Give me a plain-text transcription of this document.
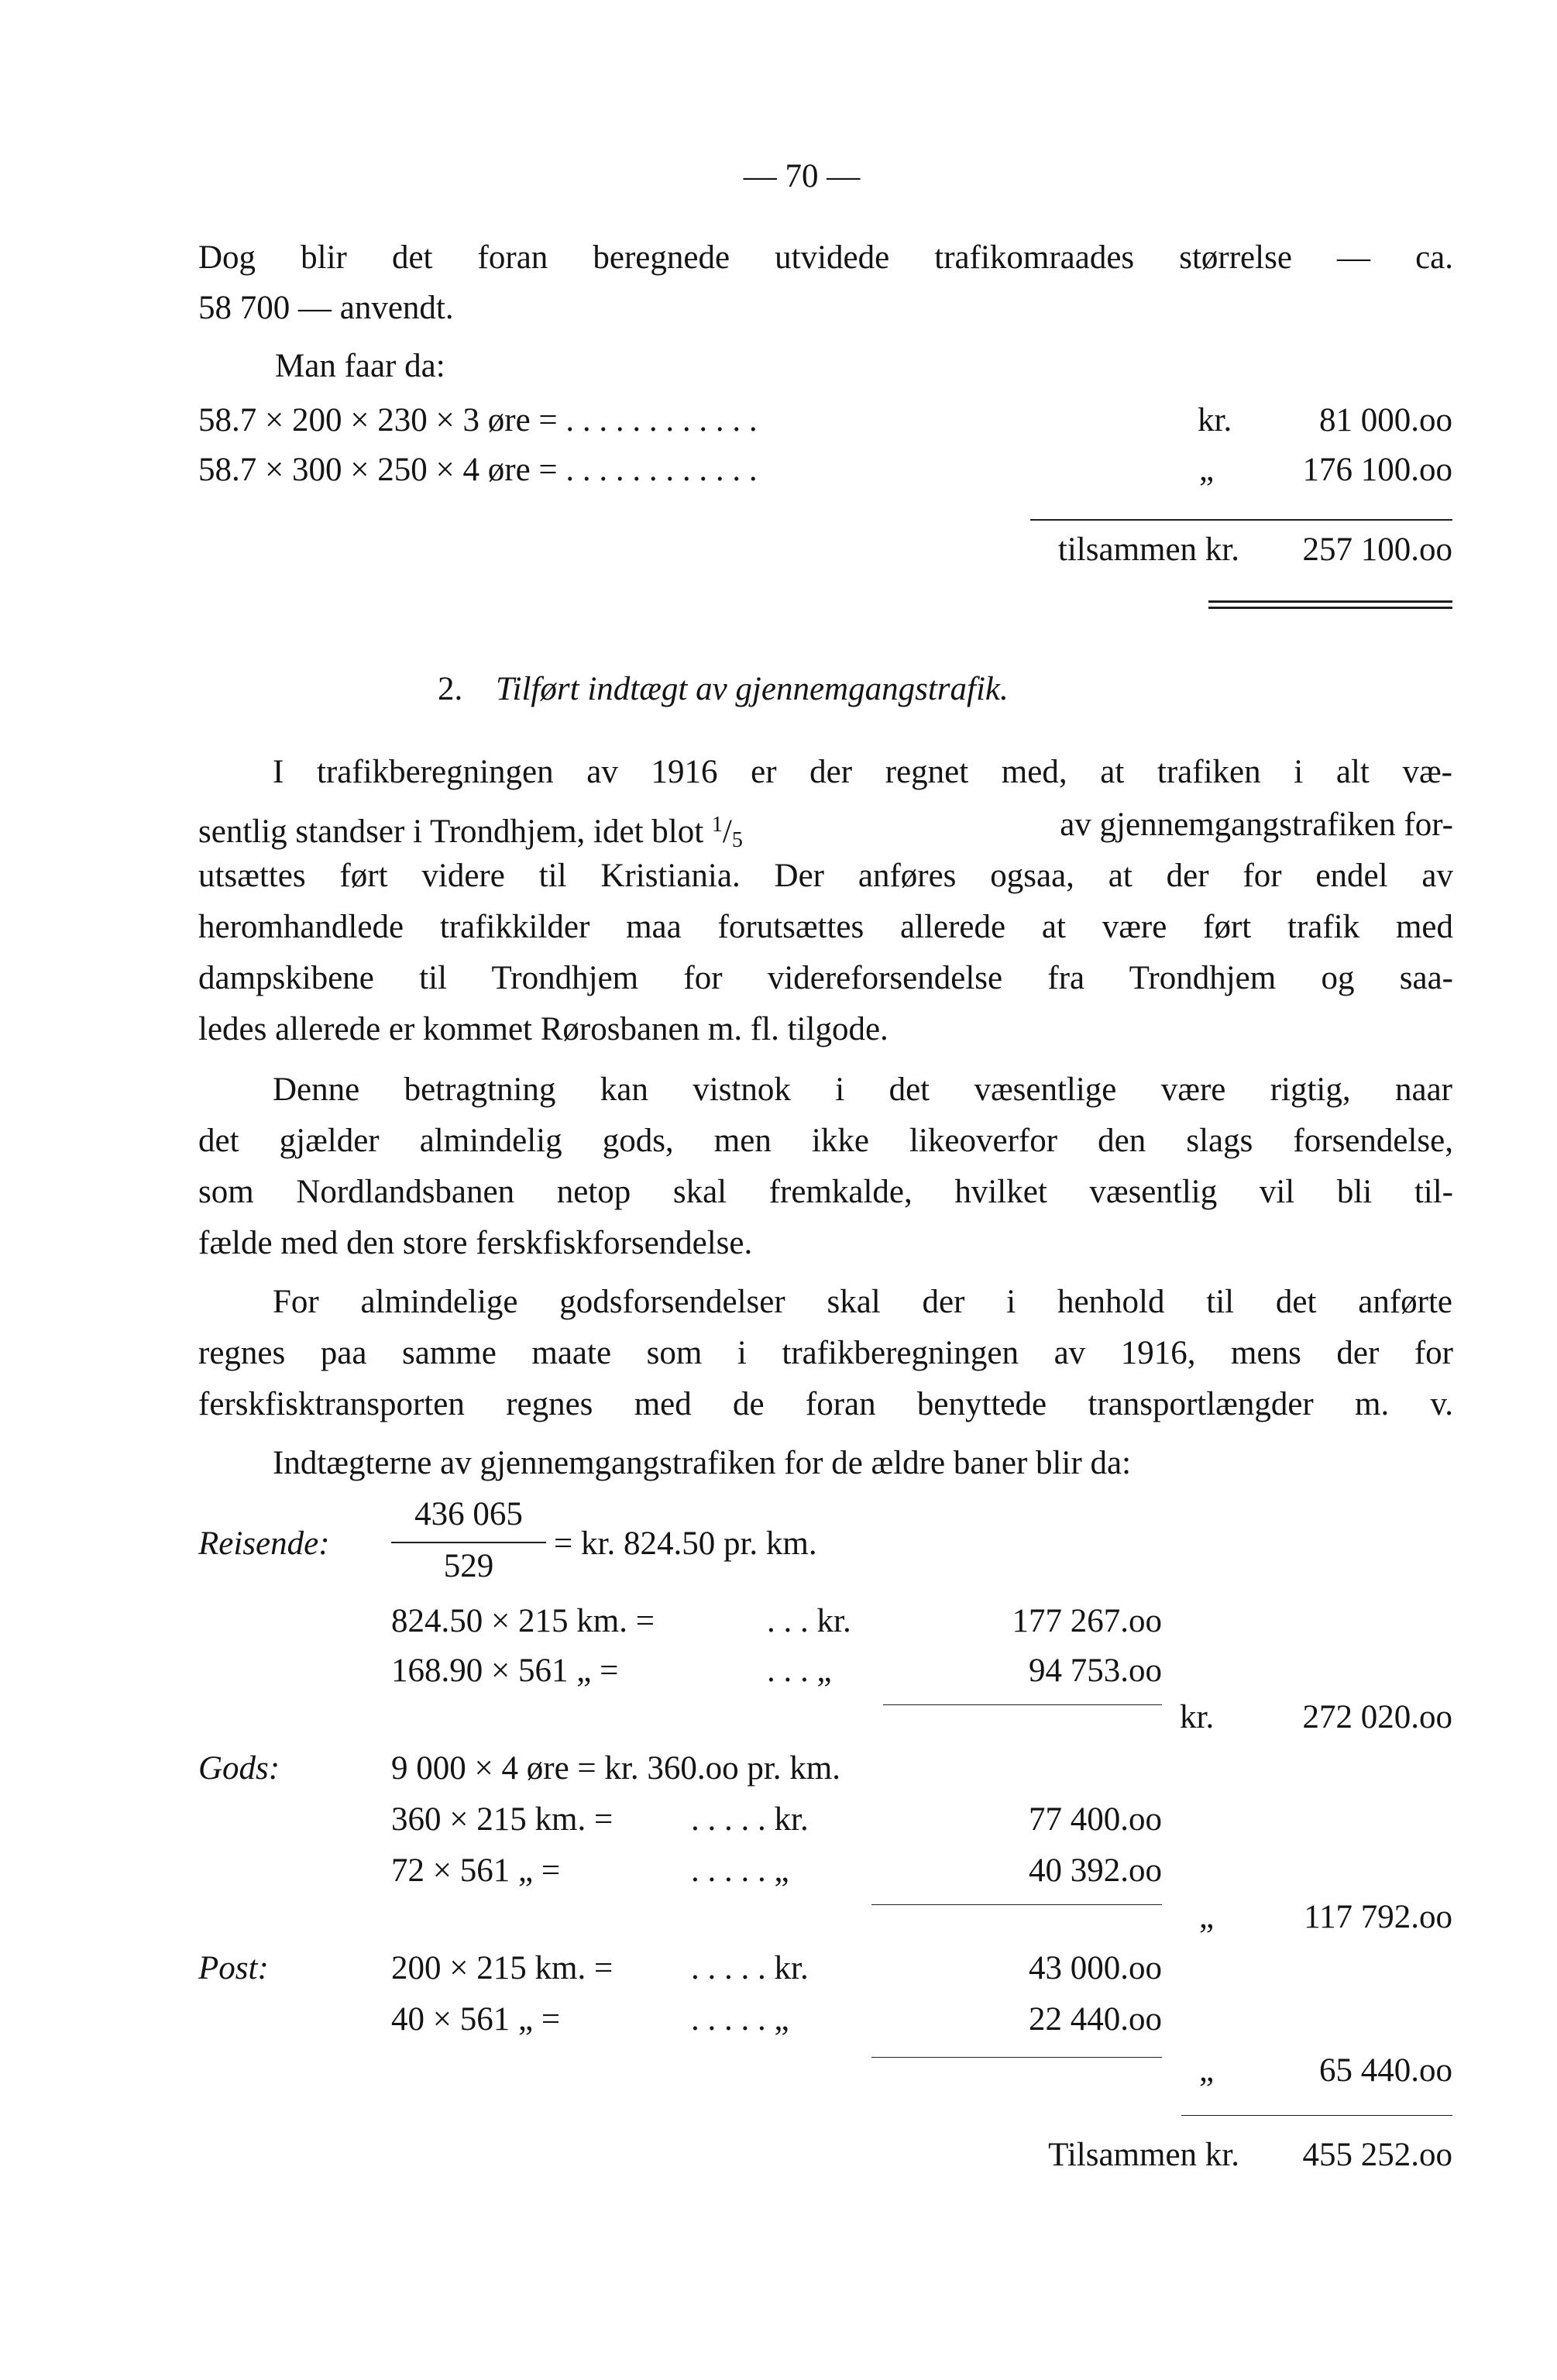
— 70 —
Dog blir det foran beregnede utvidede trafikomraades størrelse — ca.
58 700 — anvendt.
Man faar da:
58.7 × 200 × 230 × 3 øre = . . . . . . . . . . . .	kr.	81 000.oo
58.7 × 300 × 250 × 4 øre = . . . . . . . . . . . .	„	176 100.oo
tilsammen kr.	257 100.oo
2. Tilført indtægt av gjennemgangstrafik.
I trafikberegningen av 1916 er der regnet med, at trafiken i alt væ-
sentlig standser i Trondhjem, idet blot $^1/_5$	av gjennemgangstrafiken for-
utsættes ført videre til Kristiania. Der anføres ogsaa, at der for endel av
heromhandlede trafikkilder maa forutsættes allerede at være ført trafik med
dampskibene til Trondhjem for videreforsendelse fra Trondhjem og saa-
ledes allerede er kommet Rørosbanen m. fl. tilgode.
Denne betragtning kan vistnok i det væsentlige være rigtig, naar
det gjælder almindelig gods, men ikke likeoverfor den slags forsendelse,
som Nordlandsbanen netop skal fremkalde, hvilket væsentlig vil bli til-
fælde med den store ferskfiskforsendelse.
For almindelige godsforsendelser skal der i henhold til det anførte
regnes paa samme maate som i trafikberegningen av 1916, mens der for
ferskfisktransporten regnes med de foran benyttede transportlængder m. v.
Indtægterne av gjennemgangstrafiken for de ældre baner blir da:
Reisende:
436 065
529
= kr. 824.50 pr. km.
824.50 × 215 km. =	. . . kr.	177 267.oo
168.90 × 561 „ =	. . . „	94 753.oo
kr.	272 020.oo
Gods:	9 000 × 4 øre = kr. 360.oo pr. km.
360 × 215 km. = . . . . . kr.	77 400.oo
72 × 561 „ =	. . . . . „	40 392.oo
„	117 792.oo
Post:	200 × 215 km. = . . . . . kr.	43 000.oo
40 × 561 „ =	. . . . . „	22 440.oo
„	65 440.oo
Tilsammen kr.	455 252.oo
